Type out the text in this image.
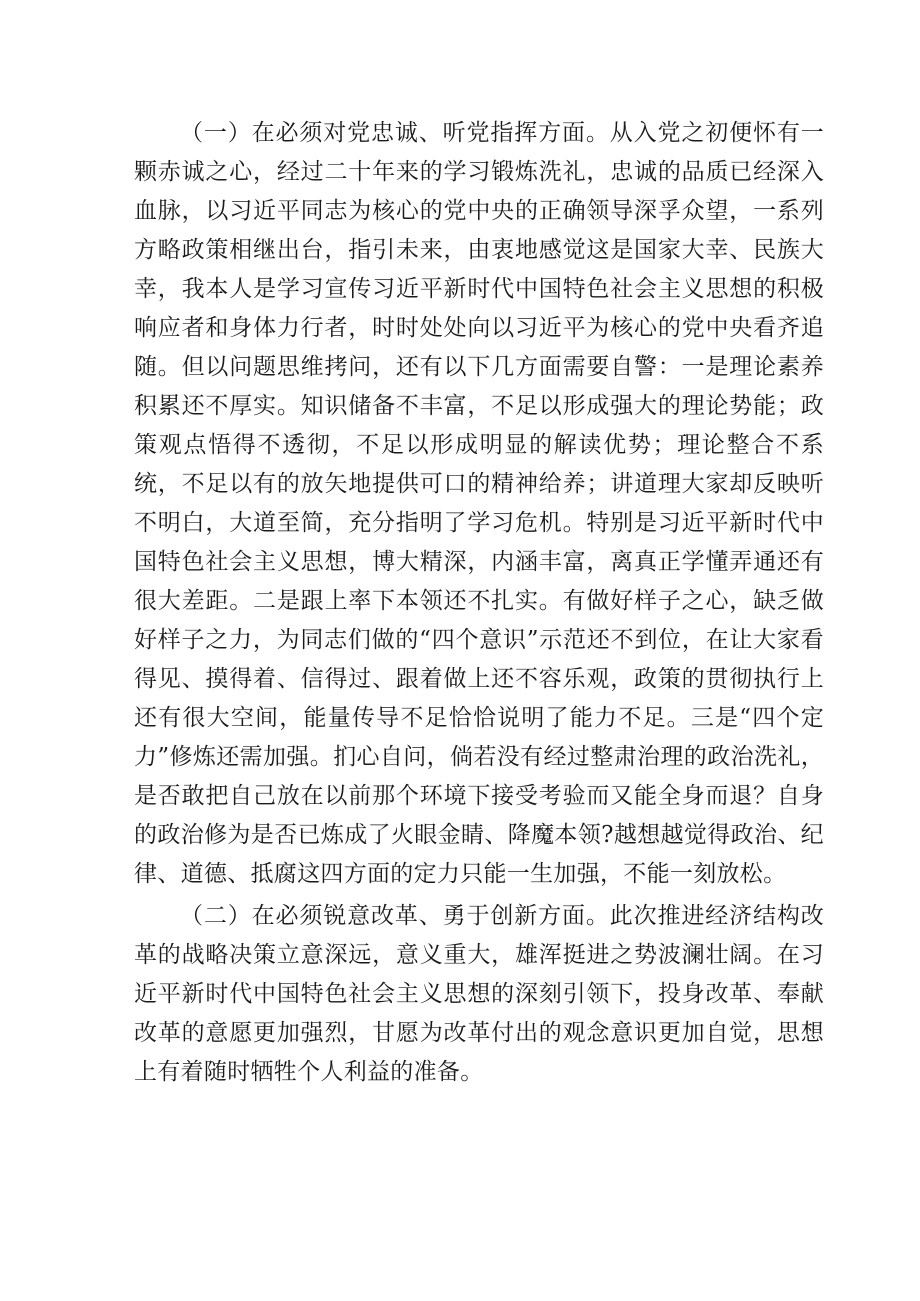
（一）在必须对党忠诚、听党指挥方面。从入党之初便怀有一颗赤诚之心，经过二十年来的学习锻炼洗礼，忠诚的品质已经深入血脉，以习近平同志为核心的党中央的正确领导深孚众望，一系列方略政策相继出台，指引未来，由衷地感觉这是国家大幸、民族大幸，我本人是学习宣传习近平新时代中国特色社会主义思想的积极响应者和身体力行者，时时处处向以习近平为核心的党中央看齐追随。但以问题思维拷问，还有以下几方面需要自警：一是理论素养积累还不厚实。知识储备不丰富，不足以形成强大的理论势能；政策观点悟得不透彻，不足以形成明显的解读优势；理论整合不系统，不足以有的放矢地提供可口的精神给养；讲道理大家却反映听不明白，大道至简，充分指明了学习危机。特别是习近平新时代中国特色社会主义思想，博大精深，内涵丰富，离真正学懂弄通还有很大差距。二是跟上率下本领还不扎实。有做好样子之心，缺乏做好样子之力，为同志们做的“四个意识”示范还不到位，在让大家看得见、摸得着、信得过、跟着做上还不容乐观，政策的贯彻执行上还有很大空间，能量传导不足恰恰说明了能力不足。三是“四个定力”修炼还需加强。扪心自问，倘若没有经过整肃治理的政治洗礼，是否敢把自己放在以前那个环境下接受考验而又能全身而退？自身的政治修为是否已炼成了火眼金睛、降魔本领?越想越觉得政治、纪律、道德、抵腐这四方面的定力只能一生加强，不能一刻放松。

（二）在必须锐意改革、勇于创新方面。此次推进经济结构改革的战略决策立意深远，意义重大，雄浑挺进之势波澜壮阔。在习近平新时代中国特色社会主义思想的深刻引领下，投身改革、奉献改革的意愿更加强烈，甘愿为改革付出的观念意识更加自觉，思想上有着随时牺牲个人利益的准备。
